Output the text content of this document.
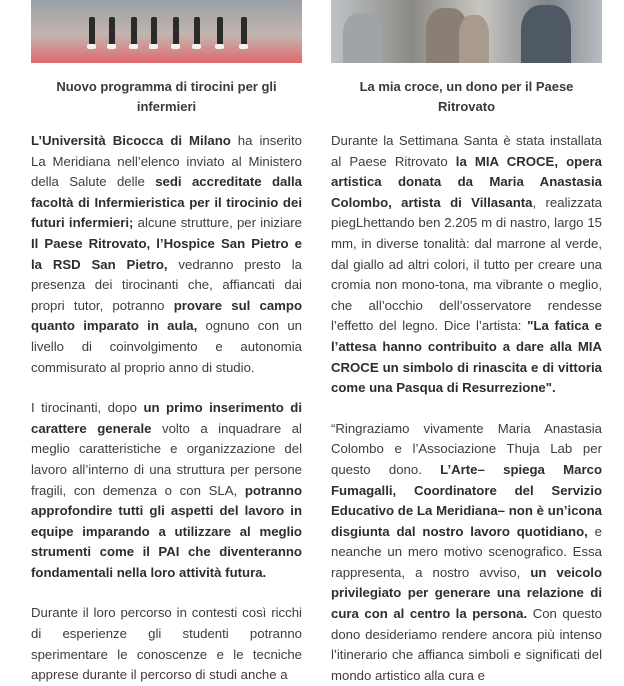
Nuovo programma di tirocini per gli infermieri

L’Università Bicocca di Milano ha inserito La Meridiana nell’elenco inviato al Ministero della Salute delle sedi accreditate dalla facoltà di Infermieristica per il tirocinio dei futuri infermieri; alcune strutture, per iniziare Il Paese Ritrovato, l’Hospice San Pietro e la RSD San Pietro, vedranno presto la presenza dei tirocinanti che, affiancati dai propri tutor, potranno provare sul campo quanto imparato in aula, ognuno con un livello di coinvolgimento e autonomia commisurato al proprio anno di studio.

I tirocinanti, dopo un primo inserimento di carattere generale volto a inquadrare al meglio caratteristiche e organizzazione del lavoro all’interno di una struttura per persone fragili, con demenza o con SLA, potranno approfondire tutti gli aspetti del lavoro in equipe imparando a utilizzare al meglio strumenti come il PAI che diventeranno fondamentali nella loro attività futura.

Durante il loro percorso in contesti così ricchi di esperienze gli studenti potranno sperimentare le conoscenze e le tecniche apprese durante il percorso di studi anche a

La mia croce, un dono per il Paese Ritrovato

Durante la Settimana Santa è stata installata al Paese Ritrovato la MIA CROCE, opera artistica donata da Maria Anastasia Colombo, artista di Villasanta, realizzata piegLhettando ben 2.205 m di nastro, largo 15 mm, in diverse tonalità: dal marrone al verde, dal giallo ad altri colori, il tutto per creare una cromia non mono-tona, ma vibrante o meglio, che all’occhio dell’osservatore rendesse l’effetto del legno. Dice l’artista: "La fatica e l’attesa hanno contribuito a dare alla MIA CROCE un simbolo di rinascita e di vittoria come una Pasqua di Resurrezione".

“Ringraziamo vivamente Maria Anastasia Colombo e l’Associazione Thuja Lab per questo dono. L’Arte– spiega Marco Fumagalli, Coordinatore del Servizio Educativo de La Meridiana– non è un’icona disgiunta dal nostro lavoro quotidiano, e neanche un mero motivo scenografico. Essa rappresenta, a nostro avviso, un veicolo privilegiato per generare una relazione di cura con al centro la persona. Con questo dono desideriamo rendere ancora più intenso l’itinerario che affianca simboli e significati del mondo artistico alla cura e
